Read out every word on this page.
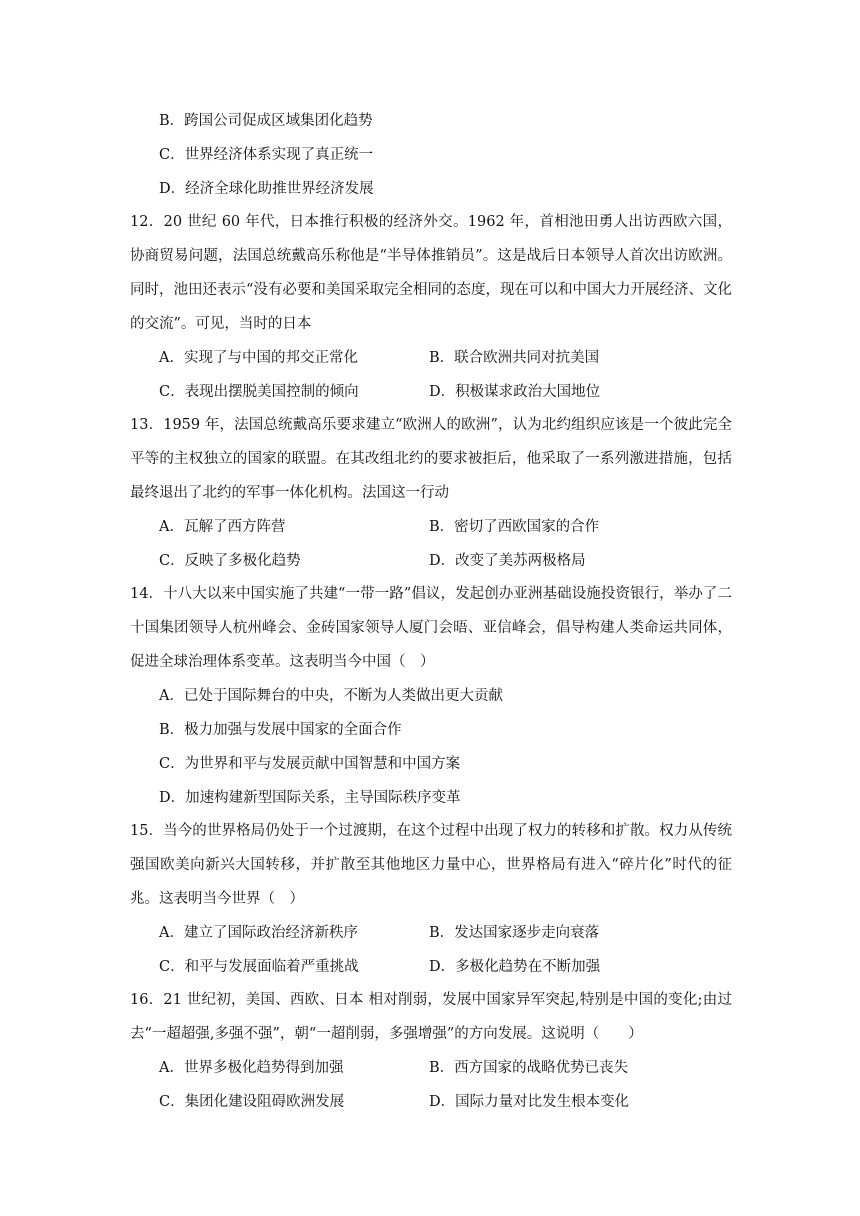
B．跨国公司促成区域集团化趋势
C．世界经济体系实现了真正统一
D．经济全球化助推世界经济发展
12．20 世纪 60 年代，日本推行积极的经济外交。1962 年，首相池田勇人出访西欧六国，协商贸易问题，法国总统戴高乐称他是“半导体推销员”。这是战后日本领导人首次出访欧洲。同时，池田还表示“没有必要和美国采取完全相同的态度，现在可以和中国大力开展经济、文化的交流”。可见，当时的日本
A．实现了与中国的邦交正常化	B．联合欧洲共同对抗美国
C．表现出摆脱美国控制的倾向	D．积极谋求政治大国地位
13．1959 年，法国总统戴高乐要求建立“欧洲人的欧洲”，认为北约组织应该是一个彼此完全平等的主权独立的国家的联盟。在其改组北约的要求被拒后，他采取了一系列激进措施，包括最终退出了北约的军事一体化机构。法国这一行动
A．瓦解了西方阵营	B．密切了西欧国家的合作
C．反映了多极化趋势	D．改变了美苏两极格局
14．十八大以来中国实施了共建“一带一路”倡议，发起创办亚洲基础设施投资银行，举办了二十国集团领导人杭州峰会、金砖国家领导人厦门会晤、亚信峰会，倡导构建人类命运共同体，促进全球治理体系变革。这表明当今中国（　）
A．已处于国际舞台的中央，不断为人类做出更大贡献
B．极力加强与发展中国家的全面合作
C．为世界和平与发展贡献中国智慧和中国方案
D．加速构建新型国际关系，主导国际秩序变革
15．当今的世界格局仍处于一个过渡期，在这个过程中出现了权力的转移和扩散。权力从传统强国欧美向新兴大国转移，并扩散至其他地区力量中心，世界格局有进入“碎片化”时代的征兆。这表明当今世界（　）
A．建立了国际政治经济新秩序	B．发达国家逐步走向衰落
C．和平与发展面临着严重挑战	D．多极化趋势在不断加强
16．21 世纪初，美国、西欧、日本 相对削弱，发展中国家异军突起,特别是中国的变化;由过去“一超超强,多强不强”，朝“一超削弱，多强增强”的方向发展。这说明（　　）
A．世界多极化趋势得到加强	B．西方国家的战略优势已丧失
C．集团化建设阻碍欧洲发展	D．国际力量对比发生根本变化
